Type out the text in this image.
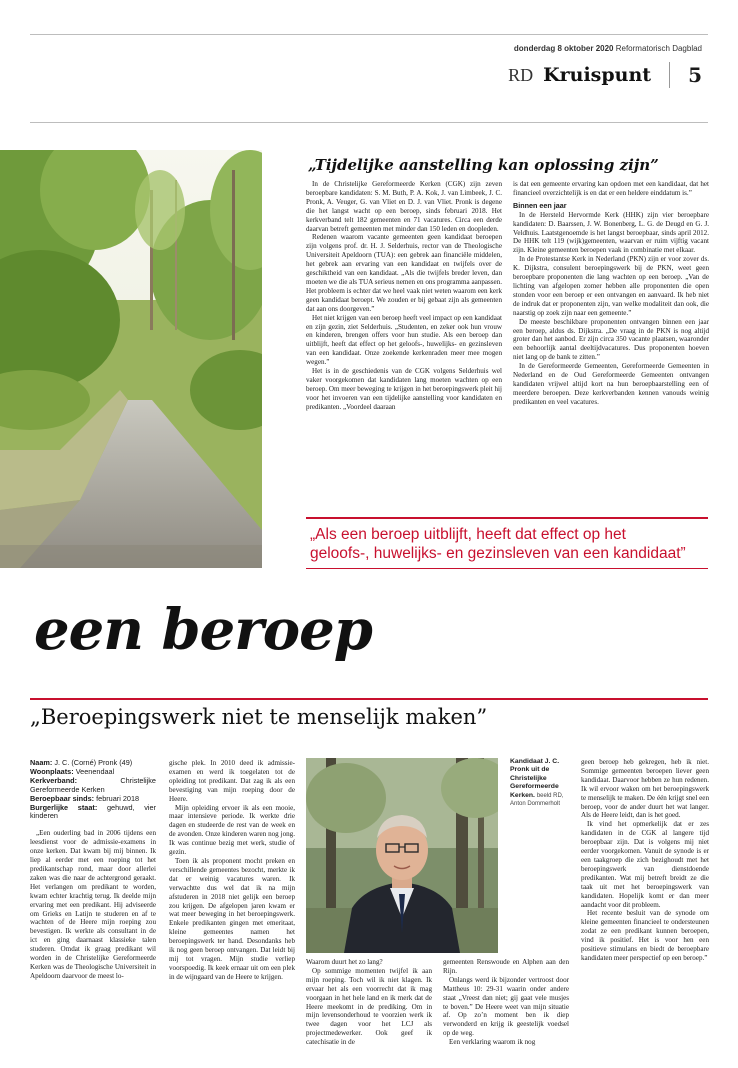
donderdag 8 oktober 2020 Reformatorisch Dagblad
RD Kruispunt 5
„Tijdelijke aanstelling kan oplossing zijn”

In de Christelijke Gereformeerde Kerken (CGK) zijn zeven beroepbare kandidaten: S. M. Buth, P. A. Kok, J. van Limbeek, J. C. Pronk, A. Veuger, G. van Vliet en D. J. van Vliet. Pronk is degene die het langst wacht op een beroep, sinds februari 2018. Het kerkverband telt 182 gemeenten en 71 vacatures. Circa een derde daarvan betreft gemeenten met minder dan 150 leden en doopleden.

Redenen waarom vacante gemeenten geen kandidaat beroepen zijn volgens prof. dr. H. J. Selderhuis, rector van de Theologische Universiteit Apeldoorn (TUA): een gebrek aan financiële middelen, het gebrek aan ervaring van een kandidaat en twijfels over de geschiktheid van een kandidaat. „Als die twijfels breder leven, dan moeten we die als TUA serieus nemen en ons programma aanpassen. Het probleem is echter dat we heel vaak niet weten waarom een kerk geen kandidaat beroept. We zouden er bij gebaat zijn als gemeenten dat aan ons doorgeven.”

Het niet krijgen van een beroep heeft veel impact op een kandidaat en zijn gezin, ziet Selderhuis. „Studenten, en zeker ook hun vrouw en kinderen, brengen offers voor hun studie. Als een beroep dan uitblijft, heeft dat effect op het geloofs-, huwelijks- en gezinsleven van een kandidaat. Onze zoekende kerkenraden meer mee mogen wegen.”

Het is in de geschiedenis van de CGK volgens Selderhuis wel vaker voorgekomen dat kandidaten lang moeten wachten op een beroep. Om meer beweging te krijgen in het beroepingswerk pleit hij voor het invoeren van een tijdelijke aanstelling voor kandidaten en predikanten. „Voordeel daaraan

is dat een gemeente ervaring kan opdoen met een kandidaat, dat het financieel overzichtelijk is en dat er een heldere einddatum is.”

Binnen een jaar

In de Hersteld Hervormde Kerk (HHK) zijn vier beroepbare kandidaten: D. Baarssen, J. W. Bonenberg, L. G. de Deugd en G. J. Veldhuis. Laatstgenoemde is het langst beroepbaar, sinds april 2012. De HHK telt 119 (wijk)gemeenten, waarvan er ruim vijftig vacant zijn. Kleine gemeenten beroepen vaak in combinatie met elkaar.

In de Protestantse Kerk in Nederland (PKN) zijn er voor zover ds. K. Dijkstra, consulent beroepingswerk bij de PKN, weet geen beroepbare proponenten die lang wachten op een beroep. „Van de lichting van afgelopen zomer hebben alle proponenten die open stonden voor een beroep er een ontvangen en aanvaard. Ik heb niet de indruk dat er proponenten zijn, van welke modaliteit dan ook, die naarstig op zoek zijn naar een gemeente.”

De meeste beschikbare proponenten ontvangen binnen een jaar een beroep, aldus ds. Dijkstra. „De vraag in de PKN is nog altijd groter dan het aanbod. Er zijn circa 350 vacante plaatsen, waaronder een behoorlijk aantal deeltijdvacatures. Dus proponenten hoeven niet lang op de bank te zitten.”

In de Gereformeerde Gemeenten, Gereformeerde Gemeenten in Nederland en de Oud Gereformeerde Gemeenten ontvangen kandidaten vrijwel altijd kort na hun beroepbaarstelling een of meerdere beroepen. Deze kerkverbanden kennen vanouds weinig predikanten en veel vacatures.

„Als een beroep uitblijft, heeft dat effect op het
geloofs-, huwelijks- en gezinsleven van een kandidaat”
een beroep
„Beroepingswerk niet te menselijk maken”
Naam: J. C. (Corné) Pronk (49)
Woonplaats: Veenendaal
Kerkverband:	Christelijke Gereformeerde Kerken
Beroepbaar sinds: februari 2018
Burgerlijke staat: gehuwd, vier kinderen

„Een ouderling bad in 2006 tijdens een leesdienst voor de admissie-examens in onze kerken. Dat kwam bij mij binnen. Ik liep al eerder met een roeping tot het predikantschap rond, maar door allerlei zaken was die naar de achtergrond geraakt. Het verlangen om predikant te worden, kwam echter krachtig terug. Ik deelde mijn ervaring met een predikant. Hij adviseerde om Grieks en Latijn te studeren en af te wachten of de Heere mijn roeping zou bevestigen. Ik werkte als consultant in de ict en ging daarnaast klassieke talen studeren. Omdat ik graag predikant wil worden in de Christelijke Gereformeerde Kerken was de Theologische Universiteit in Apeldoorn daarvoor de meest lo-

gische plek. In 2010 deed ik admissie-examen en werd ik toegelaten tot de opleiding tot predikant. Dat zag ik als een bevestiging van mijn roeping door de Heere.

Mijn opleiding ervoer ik als een mooie, maar intensieve periode. Ik werkte drie dagen en studeerde de rest van de week en de avonden. Onze kinderen waren nog jong. Ik was continue bezig met werk, studie of gezin.

Toen ik als proponent mocht preken en verschillende gemeentes bezocht, merkte ik dat er weinig vacatures waren. Ik verwachtte dus wel dat ik na mijn afstuderen in 2018 niet gelijk een beroep zou krijgen. De afgelopen jaren kwam er wat meer beweging in het beroepingswerk. Enkele predikanten gingen met emeritaat, kleine gemeentes namen het beroepingswerk ter hand. Desondanks heb ik nog geen beroep ontvangen. Dat leidt bij mij tot vragen. Mijn studie verliep voorspoedig. Ik keek ernaar uit om een plek in de wijngaard van de Heere te krijgen.

Kandidaat J. C. Pronk uit de Christelijke Gereformeerde Kerken. beeld RD, Anton Dommerholt

Waarom duurt het zo lang?

Op sommige momenten twijfel ik aan mijn roeping. Toch wil ik niet klagen. Ik ervaar het als een voorrecht dat ik mag voorgaan in het hele land en ik merk dat de Heere meekomt in de prediking. Om in mijn levensonderhoud te voorzien werk ik twee dagen voor het LCJ als projectmedewerker. Ook geef ik catechisatie in de

gemeenten Renswoude en Alphen aan den Rijn.

Onlangs werd ik bijzonder vertroost door Mattheus 10: 29-31 waarin onder andere staat „Vreest dan niet; gij gaat vele musjes te boven.” De Heere weet van mijn situatie af. Op zo’n moment ben ik diep verwonderd en krijg ik geestelijk voedsel op de weg.

Een verklaring waarom ik nog

geen beroep heb gekregen, heb ik niet. Sommige gemeenten beroepen liever geen kandidaat. Daarvoor hebben ze hun redenen. Ik wil ervoor waken om het beroepingswerk te menselijk te maken. De één krijgt snel een beroep, voor de ander duurt het wat langer. Als de Heere leidt, dan is het goed.

Ik vind het opmerkelijk dat er zes kandidaten in de CGK al langere tijd beroepbaar zijn. Dat is volgens mij niet eerder voorgekomen. Vanuit de synode is er een taakgroep die zich bezighoudt met het beroepingswerk van dienstdoende predikanten. Wat mij betreft breidt ze die taak uit met het beroepingswerk van kandidaten. Hopelijk komt er dan meer aandacht voor dit probleem.

Het recente besluit van de synode om kleine gemeenten financieel te ondersteunen zodat ze een predikant kunnen beroepen, vind ik positief. Het is voor hen een positieve stimulans en biedt de beroepbare kandidaten meer perspectief op een beroep.”
